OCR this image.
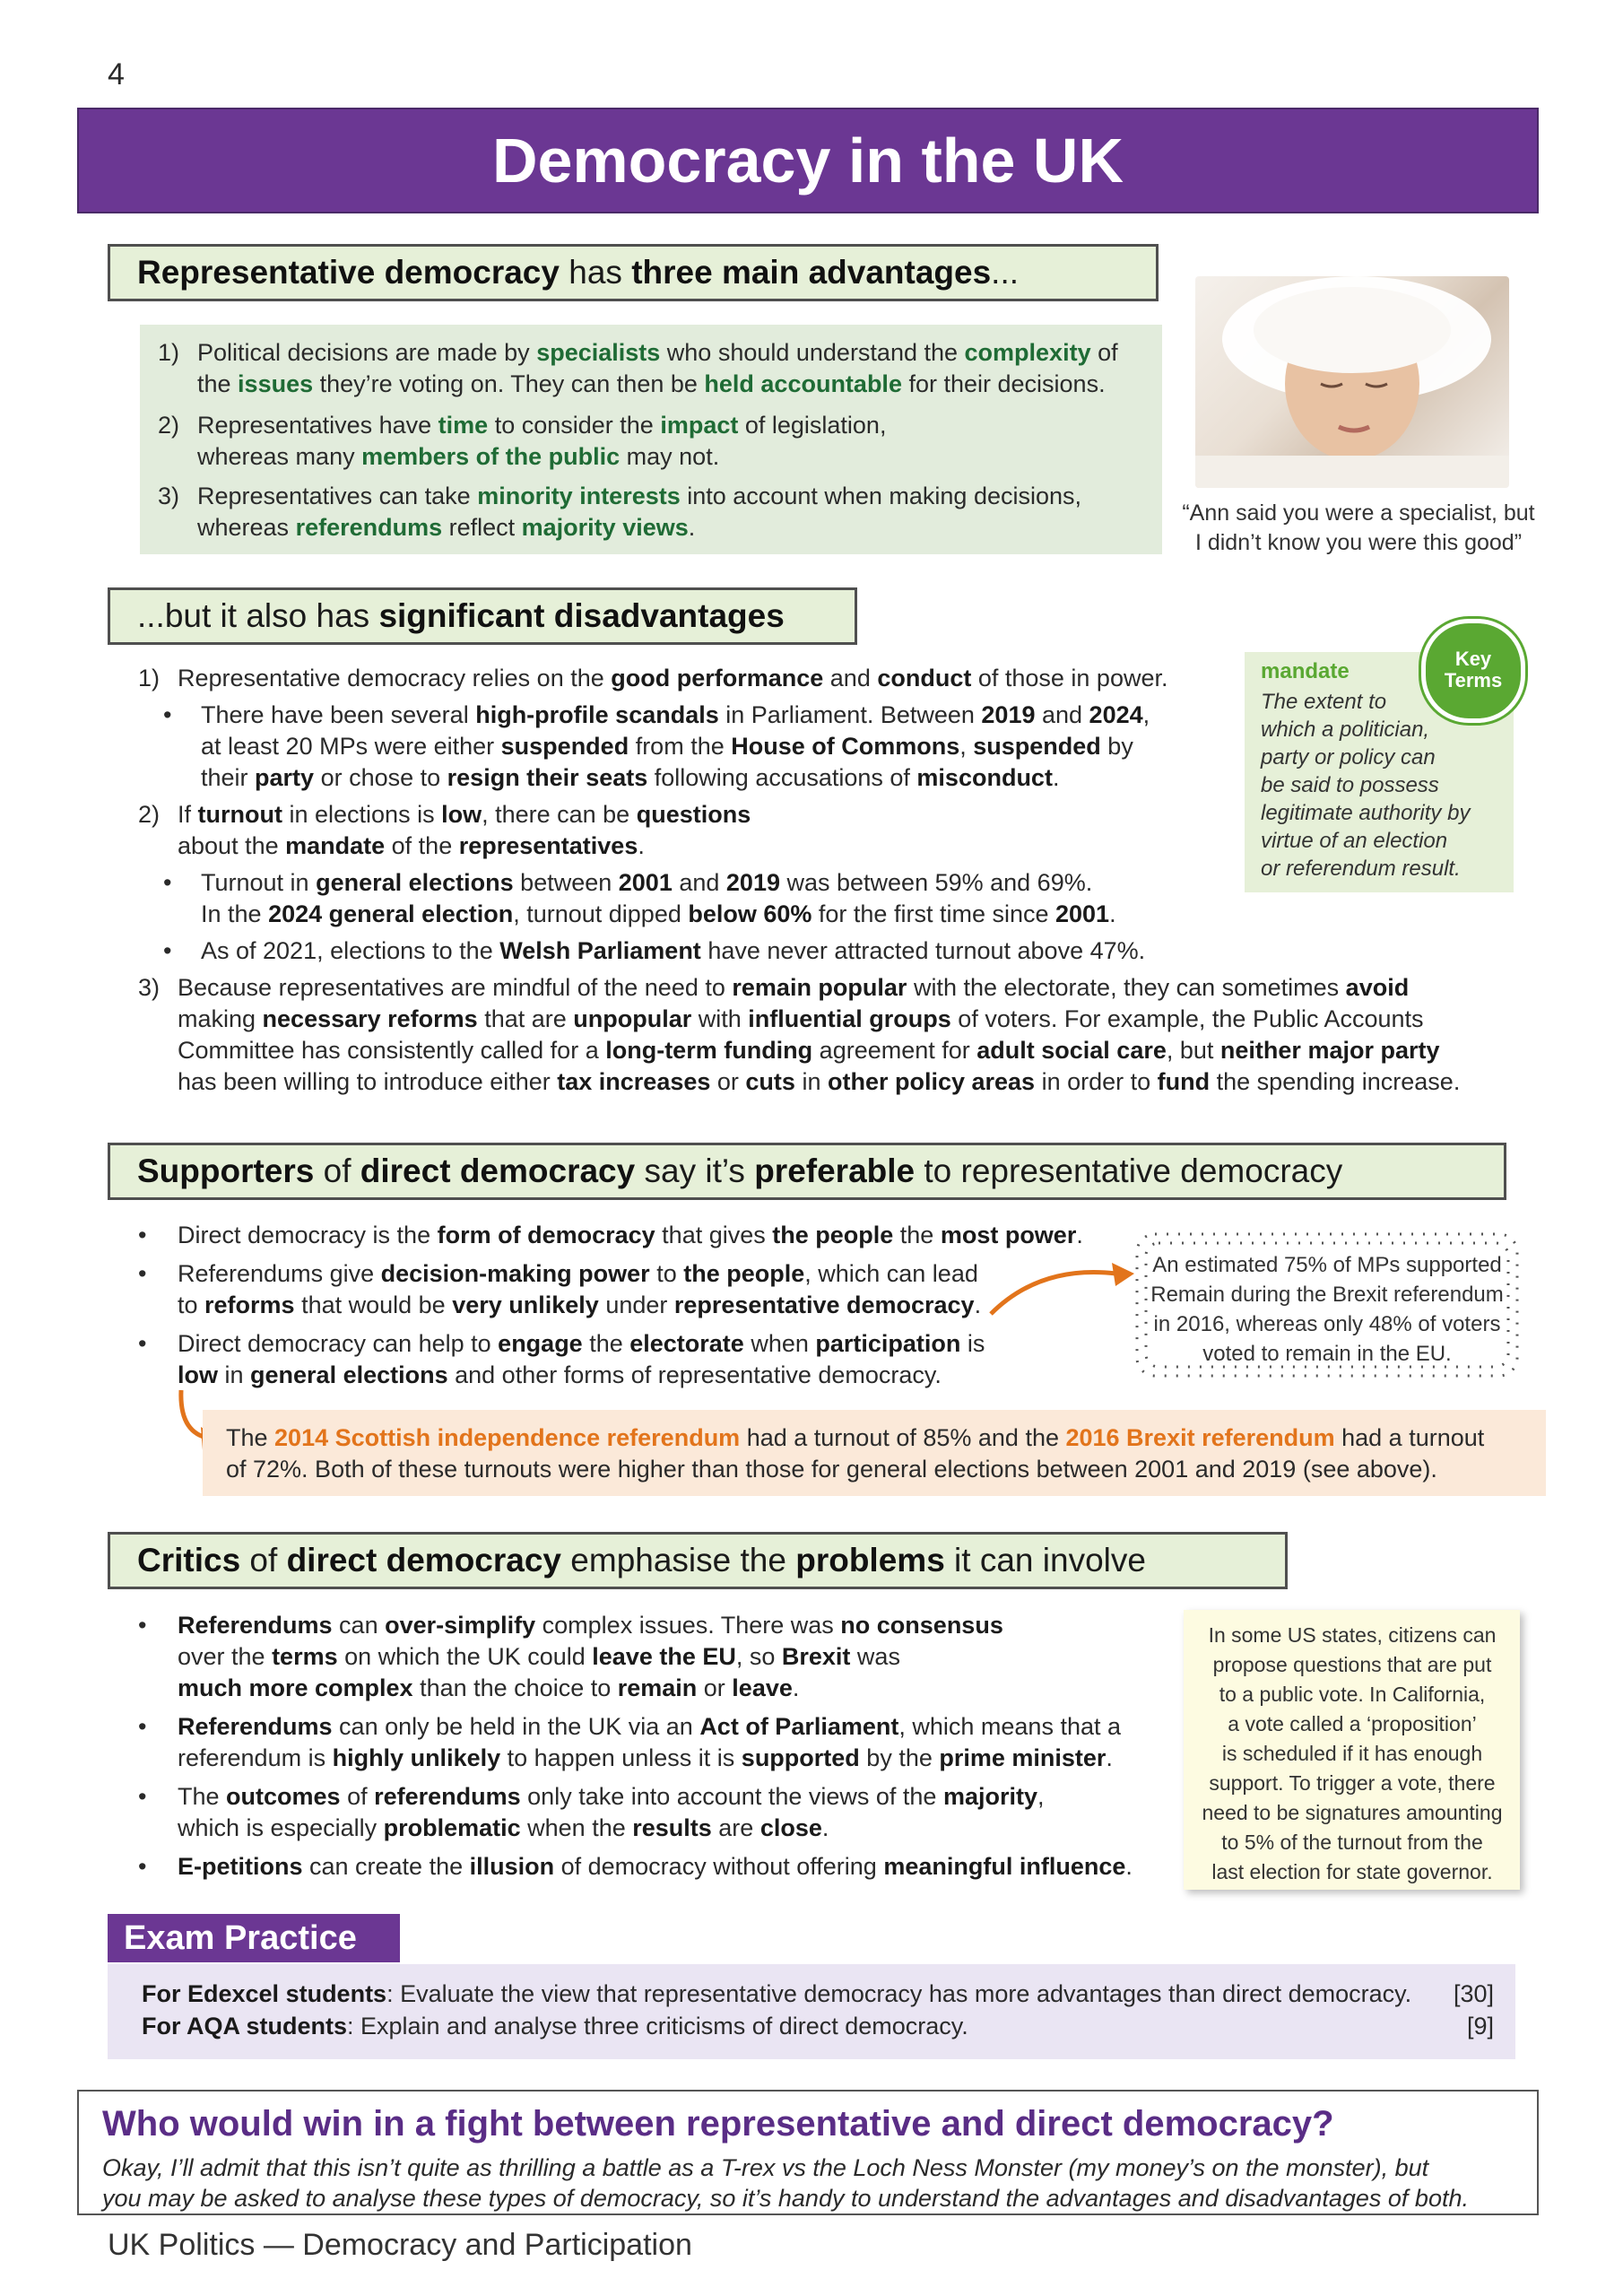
4
Democracy in the UK
Representative democracy has three main advantages...
1) Political decisions are made by specialists who should understand the complexity of
the issues they’re voting on. They can then be held accountable for their decisions.
2) Representatives have time to consider the impact of legislation,
whereas many members of the public may not.
3) Representatives can take minority interests into account when making decisions,
whereas referendums reflect majority views.
“Ann said you were a specialist, but
I didn’t know you were this good”
...but it also has significant disadvantages
1) Representative democracy relies on the good performance and conduct of those in power.
• There have been several high-profile scandals in Parliament. Between 2019 and 2024,
at least 20 MPs were either suspended from the House of Commons, suspended by
their party or chose to resign their seats following accusations of misconduct.
2) If turnout in elections is low, there can be questions
about the mandate of the representatives.
• Turnout in general elections between 2001 and 2019 was between 59% and 69%.
In the 2024 general election, turnout dipped below 60% for the first time since 2001.
• As of 2021, elections to the Welsh Parliament have never attracted turnout above 47%.
3) Because representatives are mindful of the need to remain popular with the electorate, they can sometimes avoid
making necessary reforms that are unpopular with influential groups of voters. For example, the Public Accounts
Committee has consistently called for a long-term funding agreement for adult social care, but neither major party
has been willing to introduce either tax increases or cuts in other policy areas in order to fund the spending increase.
mandate
The extent to
which a politician,
party or policy can
be said to possess
legitimate authority by
virtue of an election
or referendum result.
Key
Terms
Supporters of direct democracy say it’s preferable to representative democracy
• Direct democracy is the form of democracy that gives the people the most power.
• Referendums give decision-making power to the people, which can lead
to reforms that would be very unlikely under representative democracy.
• Direct democracy can help to engage the electorate when participation is
low in general elections and other forms of representative democracy.
An estimated 75% of MPs supported
Remain during the Brexit referendum
in 2016, whereas only 48% of voters
voted to remain in the EU.
The 2014 Scottish independence referendum had a turnout of 85% and the 2016 Brexit referendum had a turnout
of 72%. Both of these turnouts were higher than those for general elections between 2001 and 2019 (see above).
Critics of direct democracy emphasise the problems it can involve
• Referendums can over-simplify complex issues. There was no consensus
over the terms on which the UK could leave the EU, so Brexit was
much more complex than the choice to remain or leave.
• Referendums can only be held in the UK via an Act of Parliament, which means that a
referendum is highly unlikely to happen unless it is supported by the prime minister.
• The outcomes of referendums only take into account the views of the majority,
which is especially problematic when the results are close.
• E-petitions can create the illusion of democracy without offering meaningful influence.
In some US states, citizens can
propose questions that are put
to a public vote. In California,
a vote called a ‘proposition’
is scheduled if it has enough
support. To trigger a vote, there
need to be signatures amounting
to 5% of the turnout from the
last election for state governor.
Exam Practice
For Edexcel students: Evaluate the view that representative democracy has more advantages than direct democracy.	[30]
For AQA students: Explain and analyse three criticisms of direct democracy.	[9]
Who would win in a fight between representative and direct democracy?
Okay, I’ll admit that this isn’t quite as thrilling a battle as a T-rex vs the Loch Ness Monster (my money’s on the monster), but
you may be asked to analyse these types of democracy, so it’s handy to understand the advantages and disadvantages of both.
UK Politics — Democracy and Participation
